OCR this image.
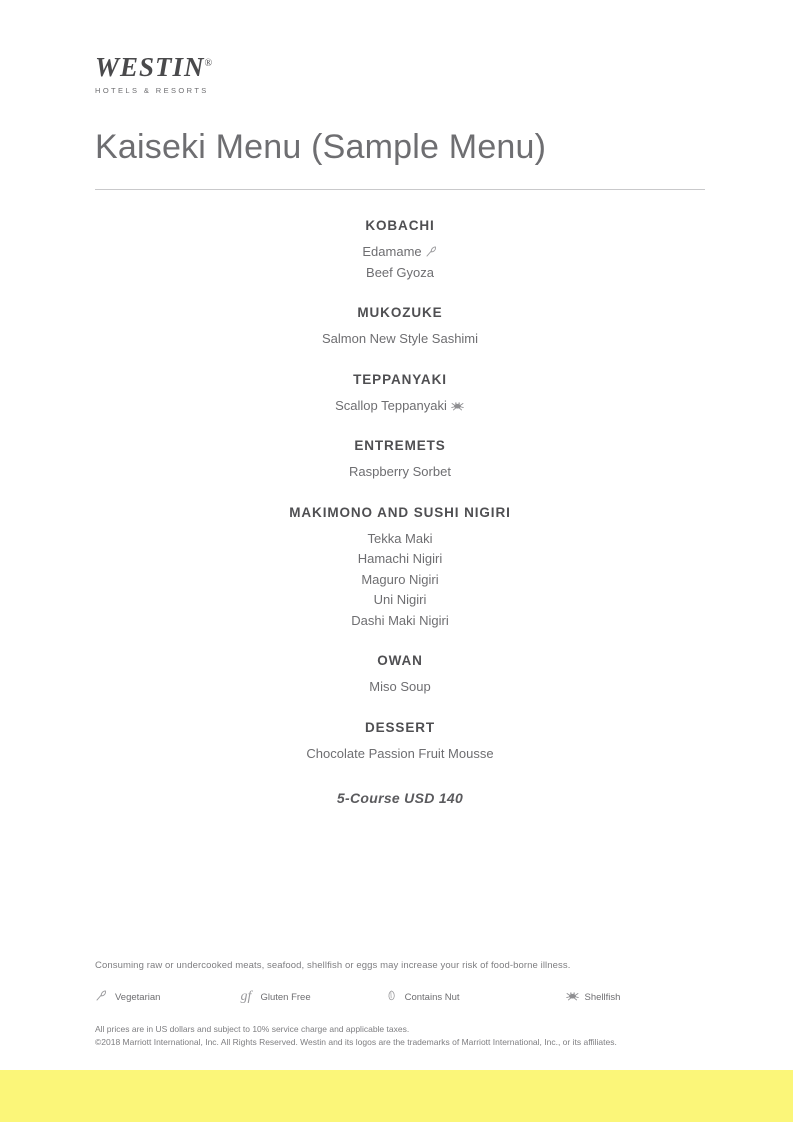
WESTIN®
HOTELS & RESORTS
Kaiseki Menu (Sample Menu)
KOBACHI
Edamame
Beef Gyoza
MUKOZUKE
Salmon New Style Sashimi
TEPPANYAKI
Scallop Teppanyaki
ENTREMETS
Raspberry Sorbet
MAKIMONO AND SUSHI NIGIRI
Tekka Maki
Hamachi Nigiri
Maguro Nigiri
Uni Nigiri
Dashi Maki Nigiri
OWAN
Miso Soup
DESSERT
Chocolate Passion Fruit Mousse
5-Course USD 140
Consuming raw or undercooked meats, seafood, shellfish or eggs may increase your risk of food-borne illness.
Vegetarian	gf Gluten Free	Contains Nut	Shellfish
All prices are in US dollars and subject to 10% service charge and applicable taxes.
©2018 Marriott International, Inc. All Rights Reserved. Westin and its logos are the trademarks of Marriott International, Inc., or its affiliates.
